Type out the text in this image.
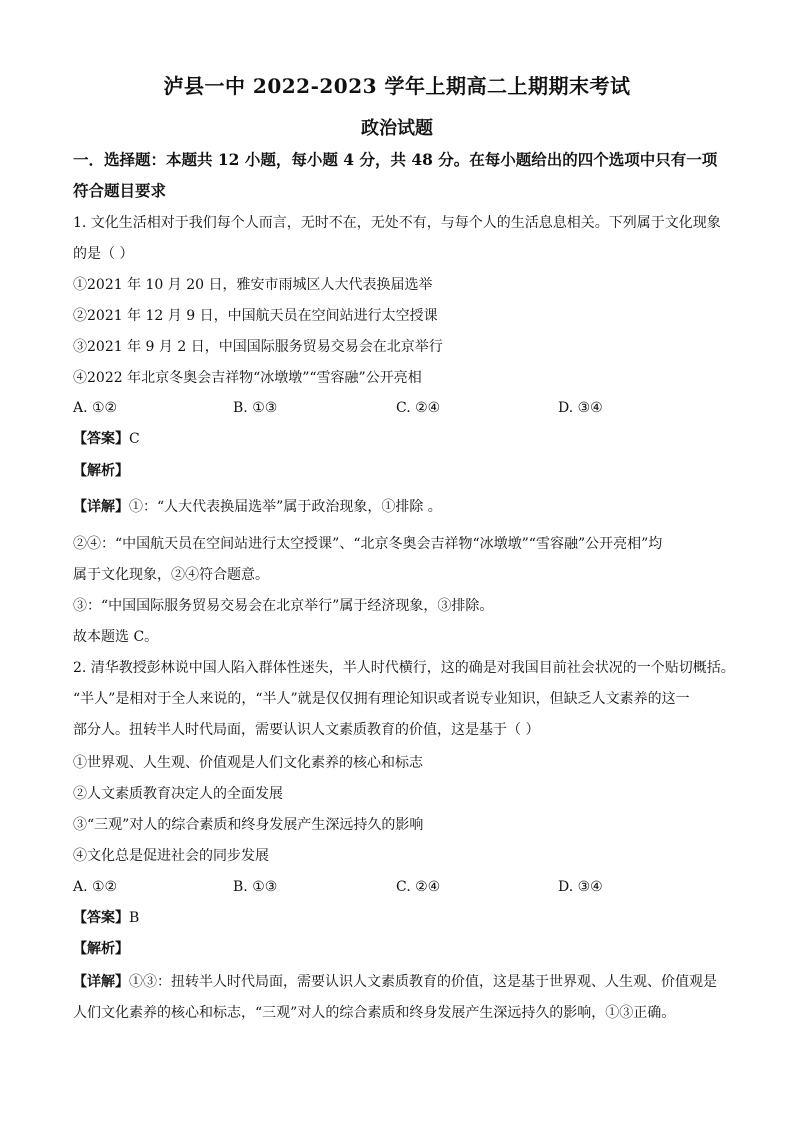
泸县一中 2022-2023 学年上期高二上期期末考试
政治试题
一．选择题：本题共 12 小题，每小题 4 分，共 48 分。在每小题给出的四个选项中只有一项
符合题目要求
1. 文化生活相对于我们每个人而言，无时不在，无处不有，与每个人的生活息息相关。下列属于文化现象
的是（ ）
①2021 年 10 月 20 日，雅安市雨城区人大代表换届选举
②2021 年 12 月 9 日，中国航天员在空间站进行太空授课
③2021 年 9 月 2 日，中国国际服务贸易交易会在北京举行
④2022 年北京冬奥会吉祥物“冰墩墩”“雪容融”公开亮相
A. ①②	B. ①③	C. ②④	D. ③④
【答案】C
【解析】
【详解】①：“人大代表换届选举”属于政治现象，①排除 。
②④：“中国航天员在空间站进行太空授课”、“北京冬奥会吉祥物“冰墩墩”“雪容融”公开亮相”均
属于文化现象，②④符合题意。
③：“中国国际服务贸易交易会在北京举行”属于经济现象，③排除。
故本题选 C。
2. 清华教授彭林说中国人陷入群体性迷失，半人时代横行，这的确是对我国目前社会状况的一个贴切概括。
“半人”是相对于全人来说的，“半人”就是仅仅拥有理论知识或者说专业知识，但缺乏人文素养的这一
部分人。扭转半人时代局面，需要认识人文素质教育的价值，这是基于（ ）
①世界观、人生观、价值观是人们文化素养的核心和标志
②人文素质教育决定人的全面发展
③“三观”对人的综合素质和终身发展产生深远持久的影响
④文化总是促进社会的同步发展
A. ①②	B. ①③	C. ②④	D. ③④
【答案】B
【解析】
【详解】①③：扭转半人时代局面，需要认识人文素质教育的价值，这是基于世界观、人生观、价值观是
人们文化素养的核心和标志，“三观”对人的综合素质和终身发展产生深远持久的影响，①③正确。
